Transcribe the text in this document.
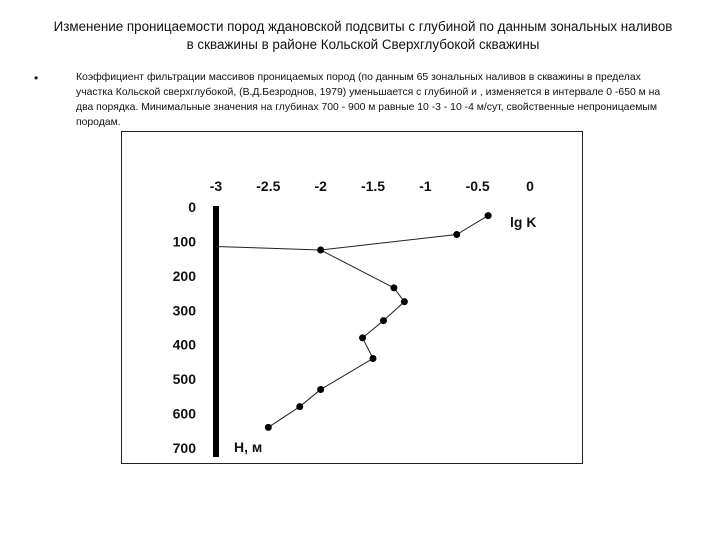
Изменение проницаемости пород ждановской подсвиты с глубиной по данным зональных наливов в скважины в районе Кольской Сверхглубокой скважины
•	Коэффициент фильтрации массивов проницаемых пород (по данным 65 зональных наливов в скважины в пределах участка Кольской сверхглубокой, (В.Д.Безроднов, 1979) уменьшается с глубиной и , изменяется в интервале 0 -650 м на два порядка. Минимальные значения на глубинах 700 - 900 м равные 10 -3 - 10 -4 м/сут, свойственные непроницаемым породам.

-3 -2.5 -2 -1.5 -1 -0.5	0
0
100
200
300
400
500
600
700
lg K
H, м
